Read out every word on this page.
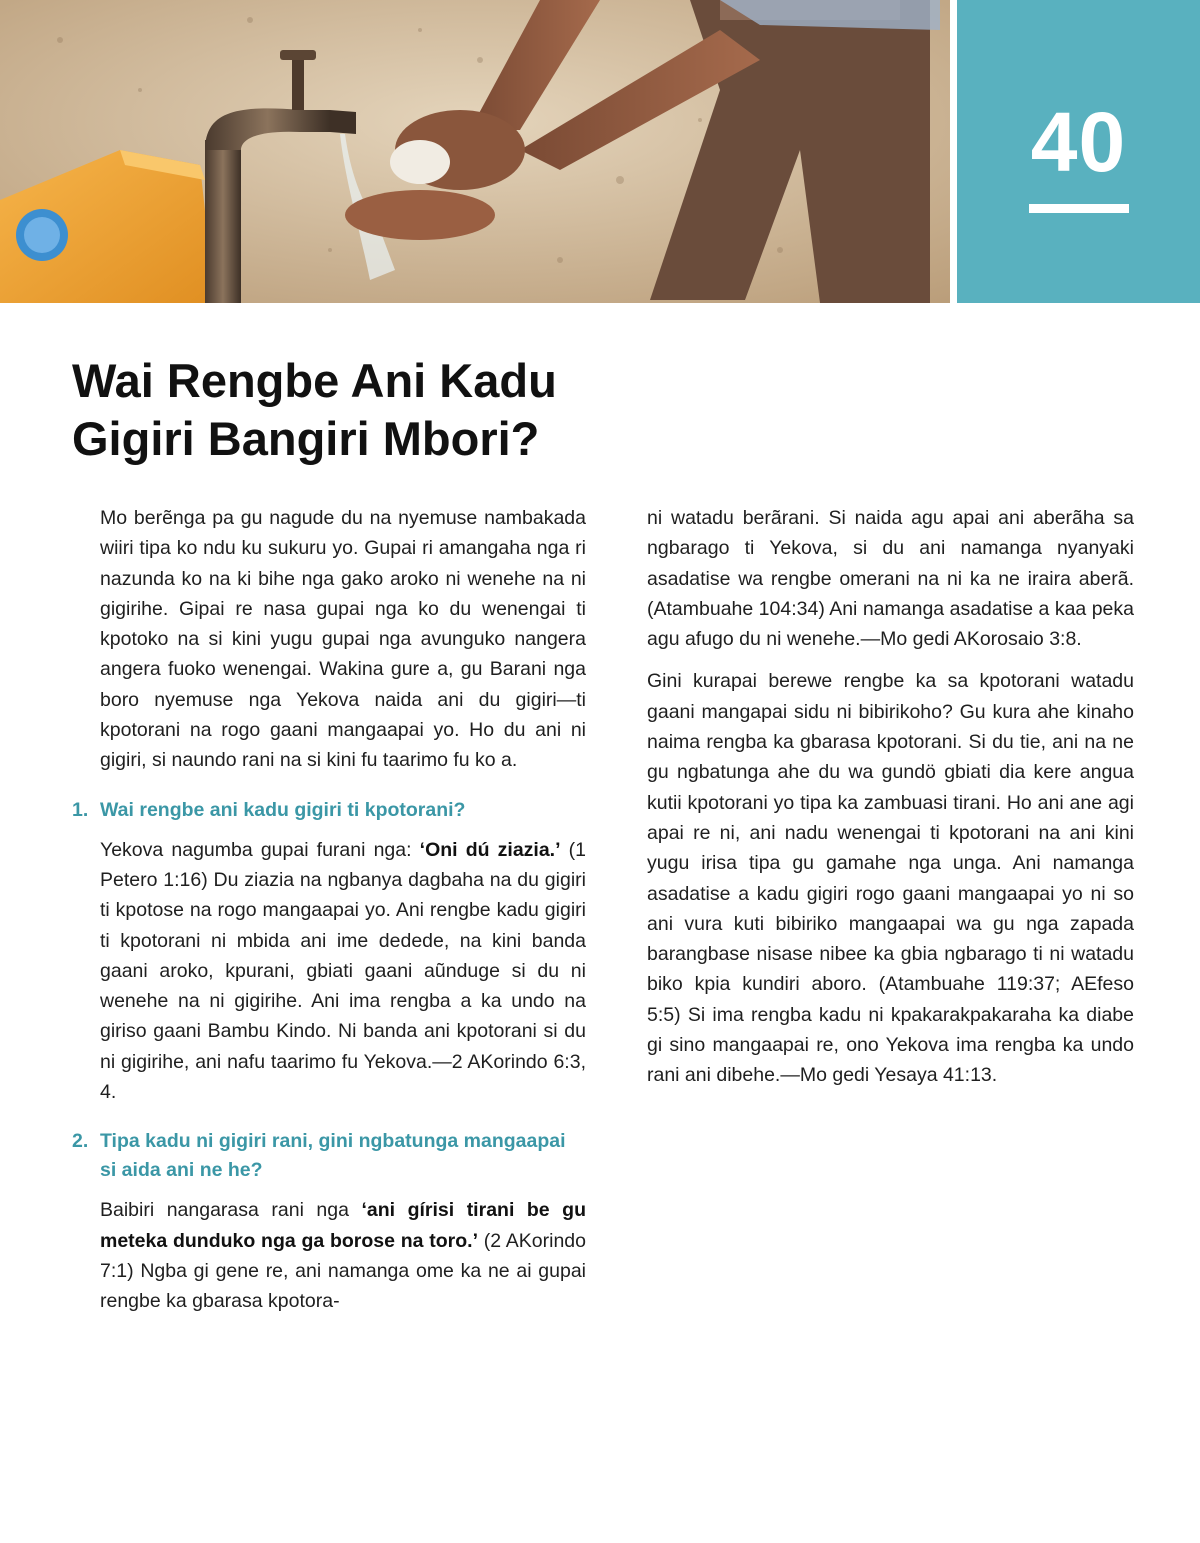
40
Wai Rengbe Ani Kadu
Gigiri Bangiri Mbori?

Mo berẽnga pa gu nagude du na nyemuse nambakada wiiri tipa ko ndu ku sukuru yo. Gupai ri amangaha nga ri nazunda ko na ki bihe nga gako aroko ni wenehe na ni gigirihe. Gipai re nasa gupai nga ko du wenengai ti kpotoko na si kini yugu gupai nga avunguko nangera angera fuoko wenengai. Wakina gure a, gu Barani nga boro nyemuse nga Yekova naida ani du gigiri—ti kpotorani na rogo gaani mangaapai yo. Ho du ani ni gigiri, si naundo rani na si kini fu taarimo fu ko a.

1. Wai rengbe ani kadu gigiri ti kpotorani?

Yekova nagumba gupai furani nga: ‘Oni dú ziazia.’ (1 Petero 1:16) Du ziazia na ngbanya dagbaha na du gigiri ti kpotose na rogo mangaapai yo. Ani rengbe kadu gigiri ti kpotorani ni mbida ani ime dedede, na kini banda gaani aroko, kpurani, gbiati gaani aũnduge si du ni wenehe na ni gigirihe. Ani ima rengba a ka undo na giriso gaani Bambu Kindo. Ni banda ani kpotorani si du ni gigirihe, ani nafu taarimo fu Yekova.—2 AKorindo 6:3, 4.

2. Tipa kadu ni gigiri rani, gini ngbatunga mangaapai si aida ani ne he?

Baibiri nangarasa rani nga ‘ani gírisi tirani be gu meteka dunduko nga ga borose na toro.’ (2 AKorindo 7:1) Ngba gi gene re, ani namanga ome ka ne ai gupai rengbe ka gbarasa kpotora-

ni watadu berãrani. Si naida agu apai ani aberãha sa ngbarago ti Yekova, si du ani namanga nyanyaki asadatise wa rengbe omerani na ni ka ne iraira aberã. (Atambuahe 104:34) Ani namanga asadatise a kaa peka agu afugo du ni wenehe.—Mo gedi AKorosaio 3:8.

Gini kurapai berewe rengbe ka sa kpotorani watadu gaani mangapai sidu ni bibirikoho? Gu kura ahe kinaho naima rengba ka gbarasa kpotorani. Si du tie, ani na ne gu ngbatunga ahe du wa gundö gbiati dia kere angua kutii kpotorani yo tipa ka zambuasi tirani. Ho ani ane agi apai re ni, ani nadu wenengai ti kpotorani na ani kini yugu irisa tipa gu gamahe nga unga. Ani namanga asadatise a kadu gigiri rogo gaani mangaapai yo ni so ani vura kuti bibiriko mangaapai wa gu nga zapada barangbase nisase nibee ka gbia ngbarago ti ni watadu biko kpia kundiri aboro. (Atambuahe 119:37; AEfeso 5:5) Si ima rengba kadu ni kpakarakpakaraha ka diabe gi sino mangaapai re, ono Yekova ima rengba ka undo rani ani dibehe.—Mo gedi Yesaya 41:13.
